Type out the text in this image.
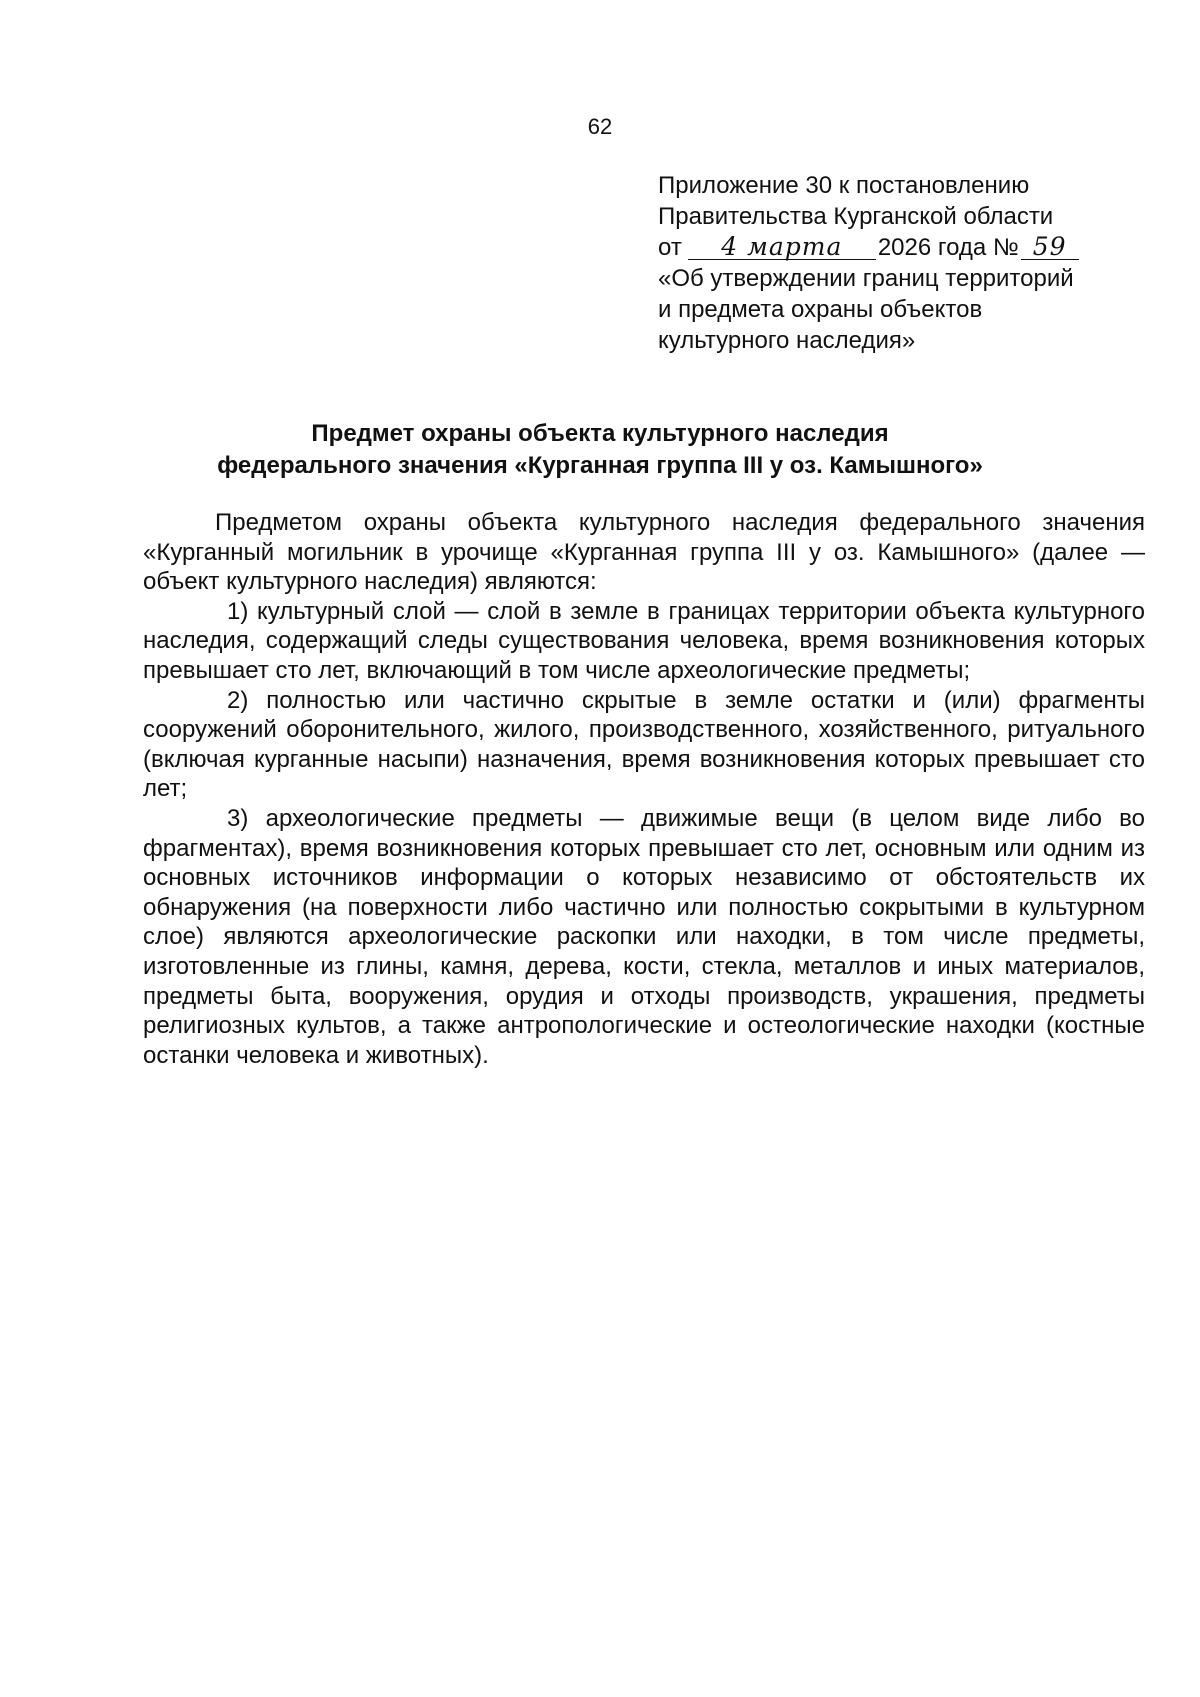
62
Приложение 30 к постановлению
Правительства Курганской области
от 4 марта 2026 года № 59
«Об утверждении границ территорий
и предмета охраны объектов
культурного наследия»
Предмет охраны объекта культурного наследия
федерального значения «Курганная группа III у оз. Камышного»

Предметом охраны объекта культурного наследия федерального значения «Курганный могильник в урочище «Курганная группа III у оз. Камышного» (далее — объект культурного наследия) являются:

1) культурный слой — слой в земле в границах территории объекта культурного наследия, содержащий следы существования человека, время возникновения которых превышает сто лет, включающий в том числе археологические предметы;

2) полностью или частично скрытые в земле остатки и (или) фрагменты сооружений оборонительного, жилого, производственного, хозяйственного, ритуального (включая курганные насыпи) назначения, время возникновения которых превышает сто лет;

3) археологические предметы — движимые вещи (в целом виде либо во фрагментах), время возникновения которых превышает сто лет, основным или одним из основных источников информации о которых независимо от обстоятельств их обнаружения (на поверхности либо частично или полностью сокрытыми в культурном слое) являются археологические раскопки или находки, в том числе предметы, изготовленные из глины, камня, дерева, кости, стекла, металлов и иных материалов, предметы быта, вооружения, орудия и отходы производств, украшения, предметы религиозных культов, а также антропологические и остеологические находки (костные останки человека и животных).
